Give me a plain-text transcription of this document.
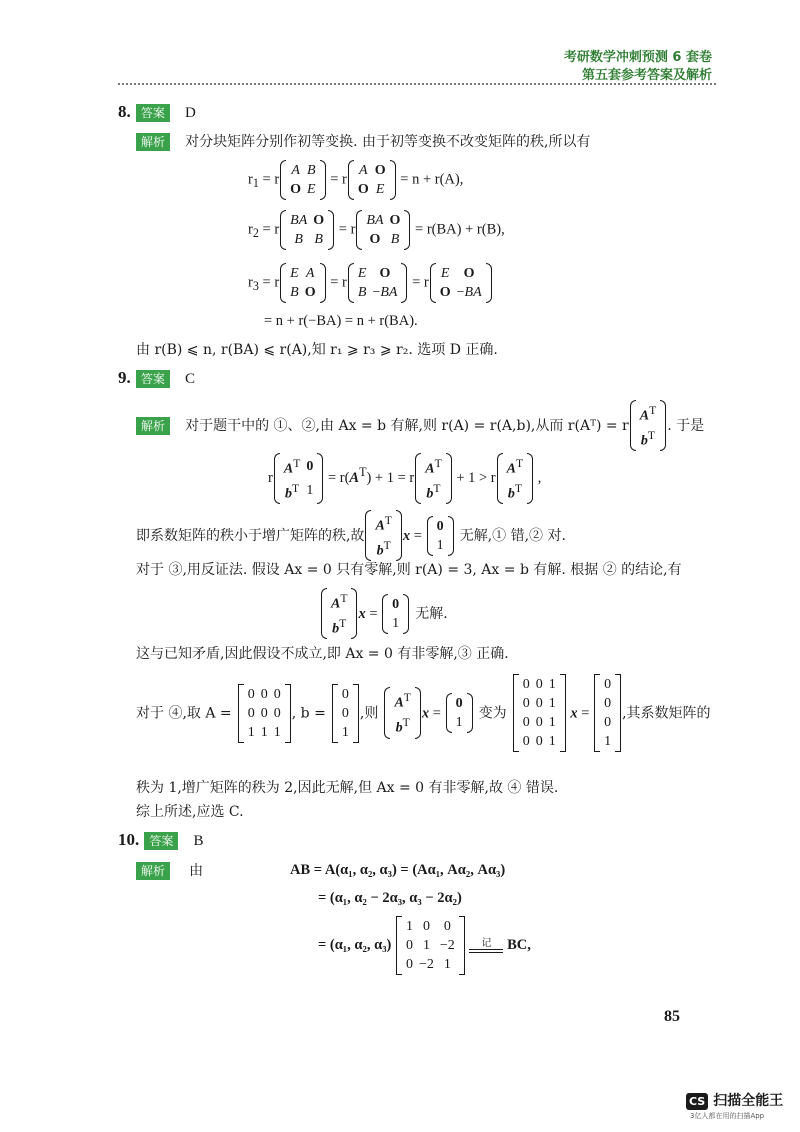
考研数学冲刺预测 6 套卷
第五套参考答案及解析
8. 答案 D
解析 对分块矩阵分别作初等变换. 由于初等变换不改变矩阵的秩,所以有
$r_1 = r$
A	B
O	E
= r
A	O
O	E
= n + r(A),
$r_2 = r$
BA	O
B	B
= r
BA	O
O	B
= r(BA) + r(B),
$r_3 = r$
E	A
B	O
= r
E	O
B	−BA
= r
E	O
O	−BA
= n + r(−BA) = n + r(BA).
由 r(B) ⩽ n, r(BA) ⩽ r(A),知 r₁ ⩾ r₃ ⩾ r₂. 选项 D 正确.
9. 答案 C
解析 对于题干中的 ①、②,由 Ax = b 有解,则 r(A) = r(A,b),从而 r(Aᵀ) = r
$A^T$
$b^T$
. 于是
r
$A^T$	0
$b^T$	1
= $r(A^T) + 1 = r$
$A^T$
$b^T$
+ 1 > r
$A^T$
$b^T$
,
即系数矩阵的秩小于增广矩阵的秩,故
$A^T$
$b^T$
x =
0
1
无解,① 错,② 对.
对于 ③,用反证法. 假设 Ax = 0 只有零解,则 r(A) = 3, Ax = b 有解. 根据 ② 的结论,有
$A^T$
$b^T$
x =
0
1
无解.
这与已知矛盾,因此假设不成立,即 Ax = 0 有非零解,③ 正确.
对于 ④,取 A =
0	0	0
0	0	0
1	1	1
, b =
0
0
1
,则
$A^T$
$b^T$
x =
0
1
变为
0	0	1
0	0	1
0	0	1
0	0	1
x =
0
0
0
1
,其系数矩阵的
秩为 1,增广矩阵的秩为 2,因此无解,但 Ax = 0 有非零解,故 ④ 错误.
综上所述,应选 C.
10. 答案 B
解析 由	AB = A(α₁, α₂, α₃) = (Aα₁, Aα₂, Aα₃)
= (α₁, α₂ − 2α₃, α₃ − 2α₂)
= (α₁, α₂, α₃)
1	0	0
0	1	−2
0	−2	1

记	BC,
85
CS 扫描全能王
3亿人都在用的扫描App
